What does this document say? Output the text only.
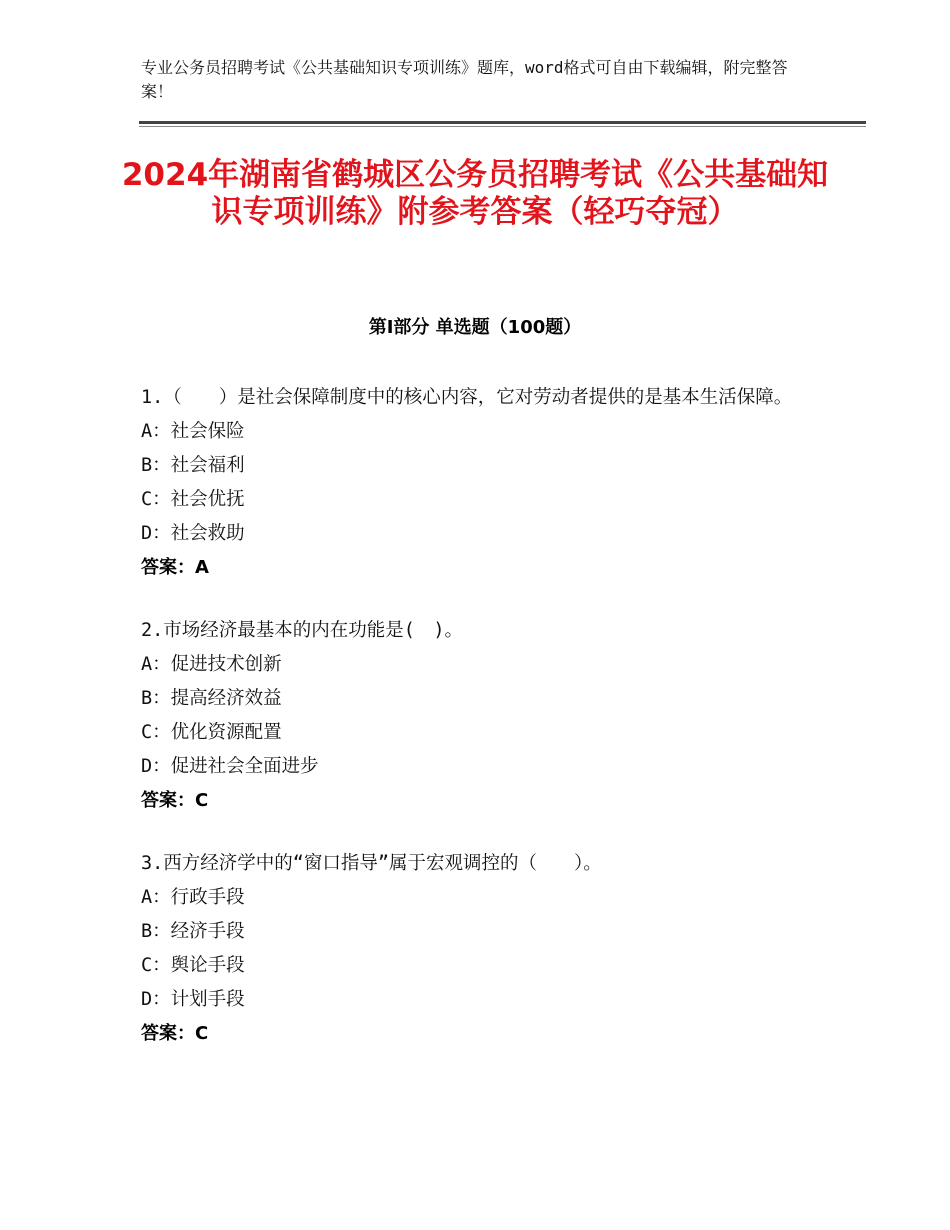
专业公务员招聘考试《公共基础知识专项训练》题库，word格式可自由下载编辑，附完整答案！
2024年湖南省鹤城区公务员招聘考试《公共基础知识专项训练》附参考答案（轻巧夺冠）
第I部分 单选题（100题）

1.（　　）是社会保障制度中的核心内容，它对劳动者提供的是基本生活保障。

A：社会保险

B：社会福利

C：社会优抚

D：社会救助

答案：A

2.市场经济最基本的内在功能是(　)。

A：促进技术创新

B：提高经济效益

C：优化资源配置

D：促进社会全面进步

答案：C

3.西方经济学中的“窗口指导”属于宏观调控的（　　）。

A：行政手段

B：经济手段

C：舆论手段

D：计划手段

答案：C
